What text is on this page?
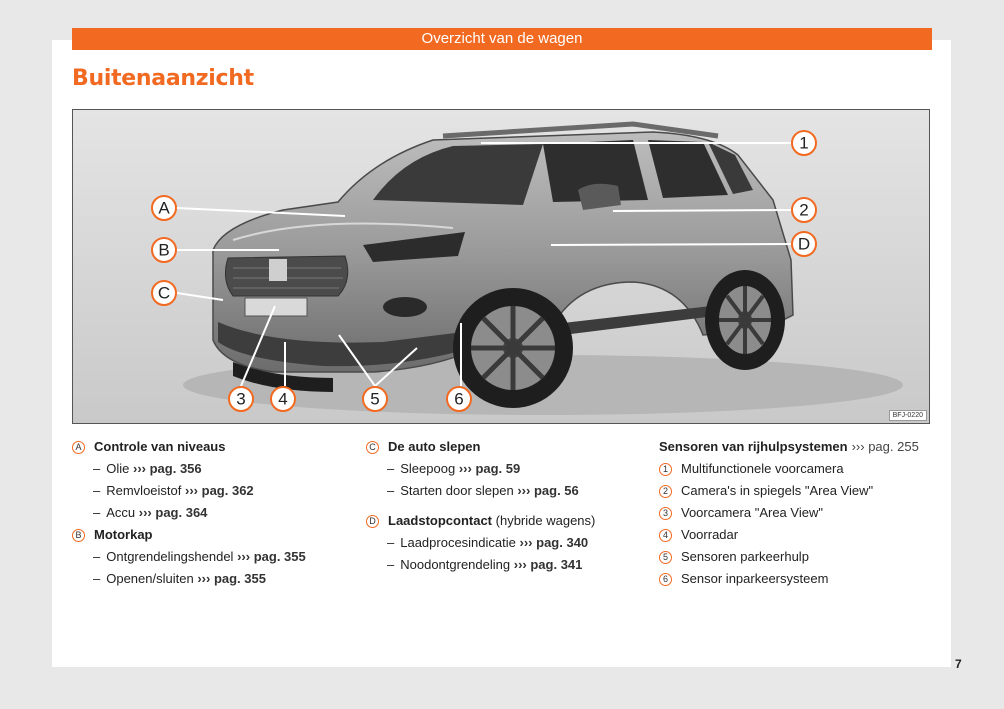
Overzicht van de wagen
Buitenaanzicht
1
2
D
A
B
C
3 4	5	6
BFJ-0220
A Controle van niveaus
– Olie ››› pag. 356
– Remvloeistof ››› pag. 362
– Accu ››› pag. 364
B Motorkap
– Ontgrendelingshendel ››› pag. 355
– Openen/sluiten ››› pag. 355
C De auto slepen
– Sleepoog ››› pag. 59
– Starten door slepen ››› pag. 56
D Laadstopcontact
(hybride wagens)
– Laadprocesindicatie ››› pag. 340
– Noodontgrendeling ››› pag. 341
Sensoren van rijhulpsystemen ››› pag. 255
1	Multifunctionele voorcamera
2	Camera's in spiegels "Area View"
3	Voorcamera "Area View"
4	Voorradar
5	Sensoren parkeerhulp
6	Sensor inparkeersysteem
7
